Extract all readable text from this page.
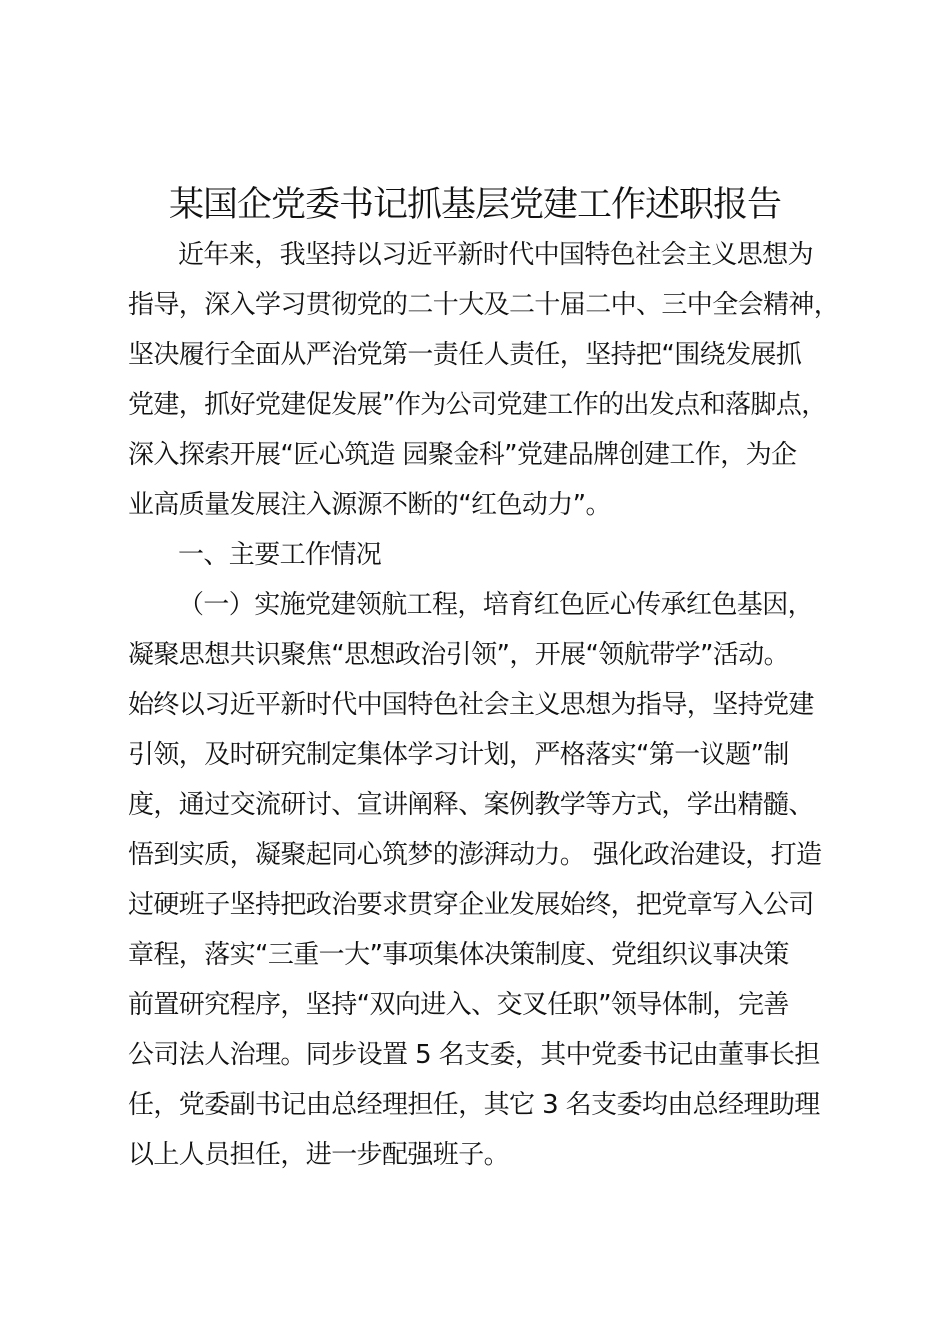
某国企党委书记抓基层党建工作述职报告
近年来，我坚持以习近平新时代中国特色社会主义思想为
指导，深入学习贯彻党的二十大及二十届二中、三中全会精神，
坚决履行全面从严治党第一责任人责任，坚持把“围绕发展抓
党建，抓好党建促发展”作为公司党建工作的出发点和落脚点，
深入探索开展“匠心筑造 园聚金科”党建品牌创建工作，为企
业高质量发展注入源源不断的“红色动力”。
一、主要工作情况
（一）实施党建领航工程，培育红色匠心传承红色基因，
凝聚思想共识聚焦“思想政治引领”，开展“领航带学”活动。
始终以习近平新时代中国特色社会主义思想为指导，坚持党建
引领，及时研究制定集体学习计划，严格落实“第一议题”制
度，通过交流研讨、宣讲阐释、案例教学等方式，学出精髓、
悟到实质，凝聚起同心筑梦的澎湃动力。 强化政治建设，打造
过硬班子坚持把政治要求贯穿企业发展始终，把党章写入公司
章程，落实“三重一大”事项集体决策制度、党组织议事决策
前置研究程序，坚持“双向进入、交叉任职”领导体制，完善
公司法人治理。同步设置 5 名支委，其中党委书记由董事长担
任，党委副书记由总经理担任，其它 3 名支委均由总经理助理
以上人员担任，进一步配强班子。
